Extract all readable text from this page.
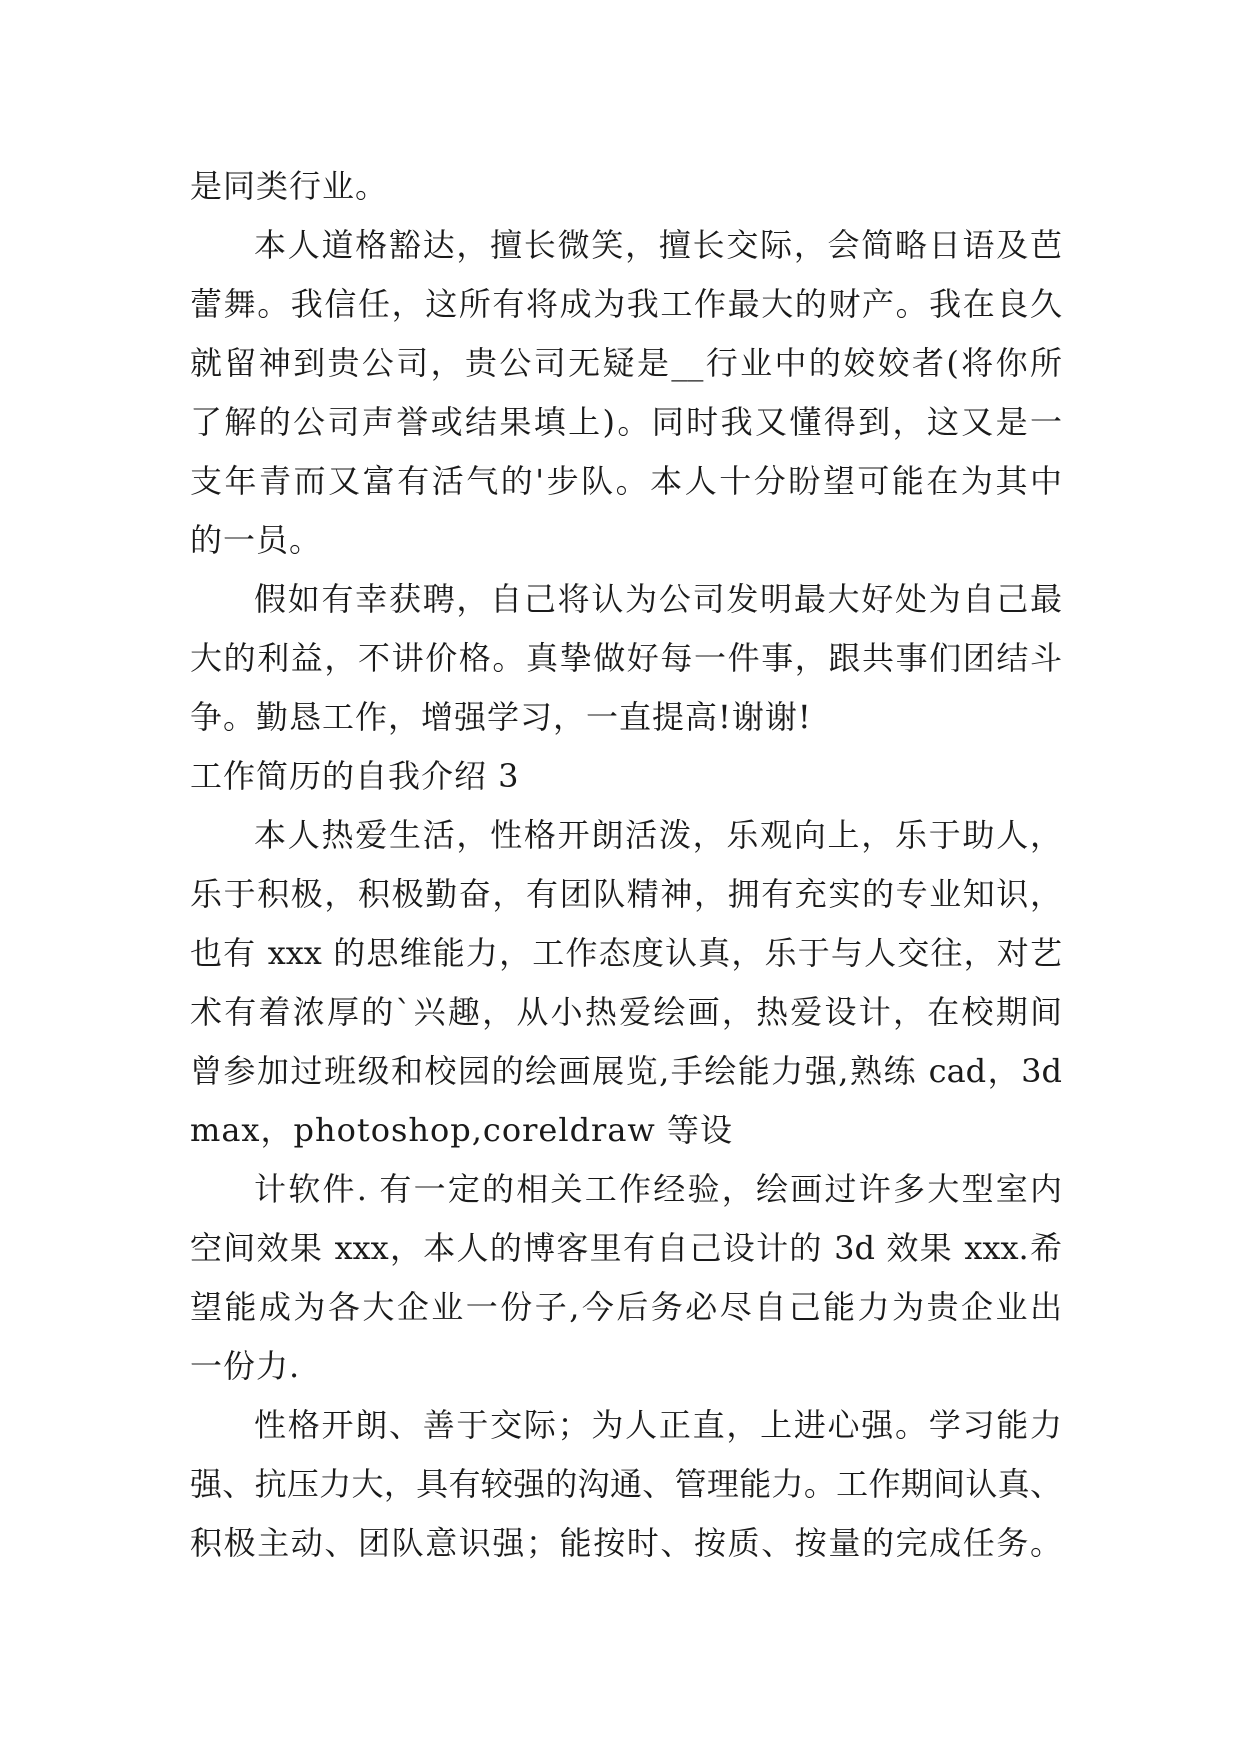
是同类行业。
本人道格豁达，擅长微笑，擅长交际，会简略日语及芭
蕾舞。我信任，这所有将成为我工作最大的财产。我在良久
就留神到贵公司，贵公司无疑是__行业中的姣姣者(将你所
了解的公司声誉或结果填上)。同时我又懂得到，这又是一
支年青而又富有活气的'步队。本人十分盼望可能在为其中
的一员。
假如有幸获聘，自己将认为公司发明最大好处为自己最
大的利益，不讲价格。真挚做好每一件事，跟共事们团结斗
争。勤恳工作，增强学习，一直提高!谢谢!
工作简历的自我介绍 3
本人热爱生活，性格开朗活泼，乐观向上，乐于助人，
乐于积极，积极勤奋，有团队精神，拥有充实的专业知识，
也有 xxx 的思维能力，工作态度认真，乐于与人交往，对艺
术有着浓厚的`兴趣，从小热爱绘画，热爱设计，在校期间
曾参加过班级和校园的绘画展览,手绘能力强,熟练 cad，3d
max，photoshop,coreldraw 等设
计软件. 有一定的相关工作经验，绘画过许多大型室内
空间效果 xxx，本人的博客里有自己设计的 3d 效果 xxx.希
望能成为各大企业一份子,今后务必尽自己能力为贵企业出
一份力.
性格开朗、善于交际；为人正直，上进心强。学习能力
强、抗压力大，具有较强的沟通、管理能力。工作期间认真、
积极主动、团队意识强；能按时、按质、按量的完成任务。
